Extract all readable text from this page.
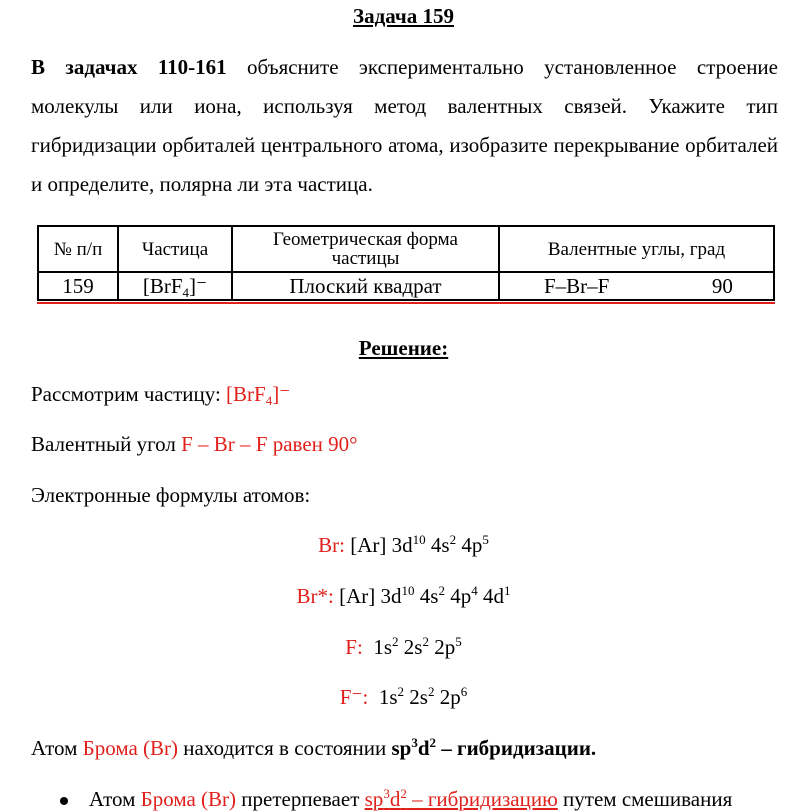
Задача 159

В задачах 110-161 объясните экспериментально установленное строение молекулы или иона, используя метод валентных связей. Укажите тип гибридизации орбиталей центрального атома, изобразите перекрывание орбиталей и определите, полярна ли эта частица.

№ п/п	Частица	Геометрическая форма частицы	Валентные углы, град
159	[BrF$_4$]⁻	Плоский квадрат	F–Br–F 90
Решение:
Рассмотрим частицу: [BrF$_4$]⁻
Валентный угол F – Br – F равен 90°
Электронные формулы атомов:
Br: [Ar] $3d^{10}$ $4s^2$ $4p^5$
Br*: [Ar] $3d^{10}$ $4s^2$ $4p^4$ $4d^1$
F: $1s^2$ $2s^2$ $2p^5$
F⁻: $1s^2$ $2s^2$ $2p^6$
Атом Брома (Br) находится в состоянии $sp^3d^2$ – гибридизации.
Атом Брома (Br) претерпевает $sp^3d^2$ – гибридизацию путем смешивания
